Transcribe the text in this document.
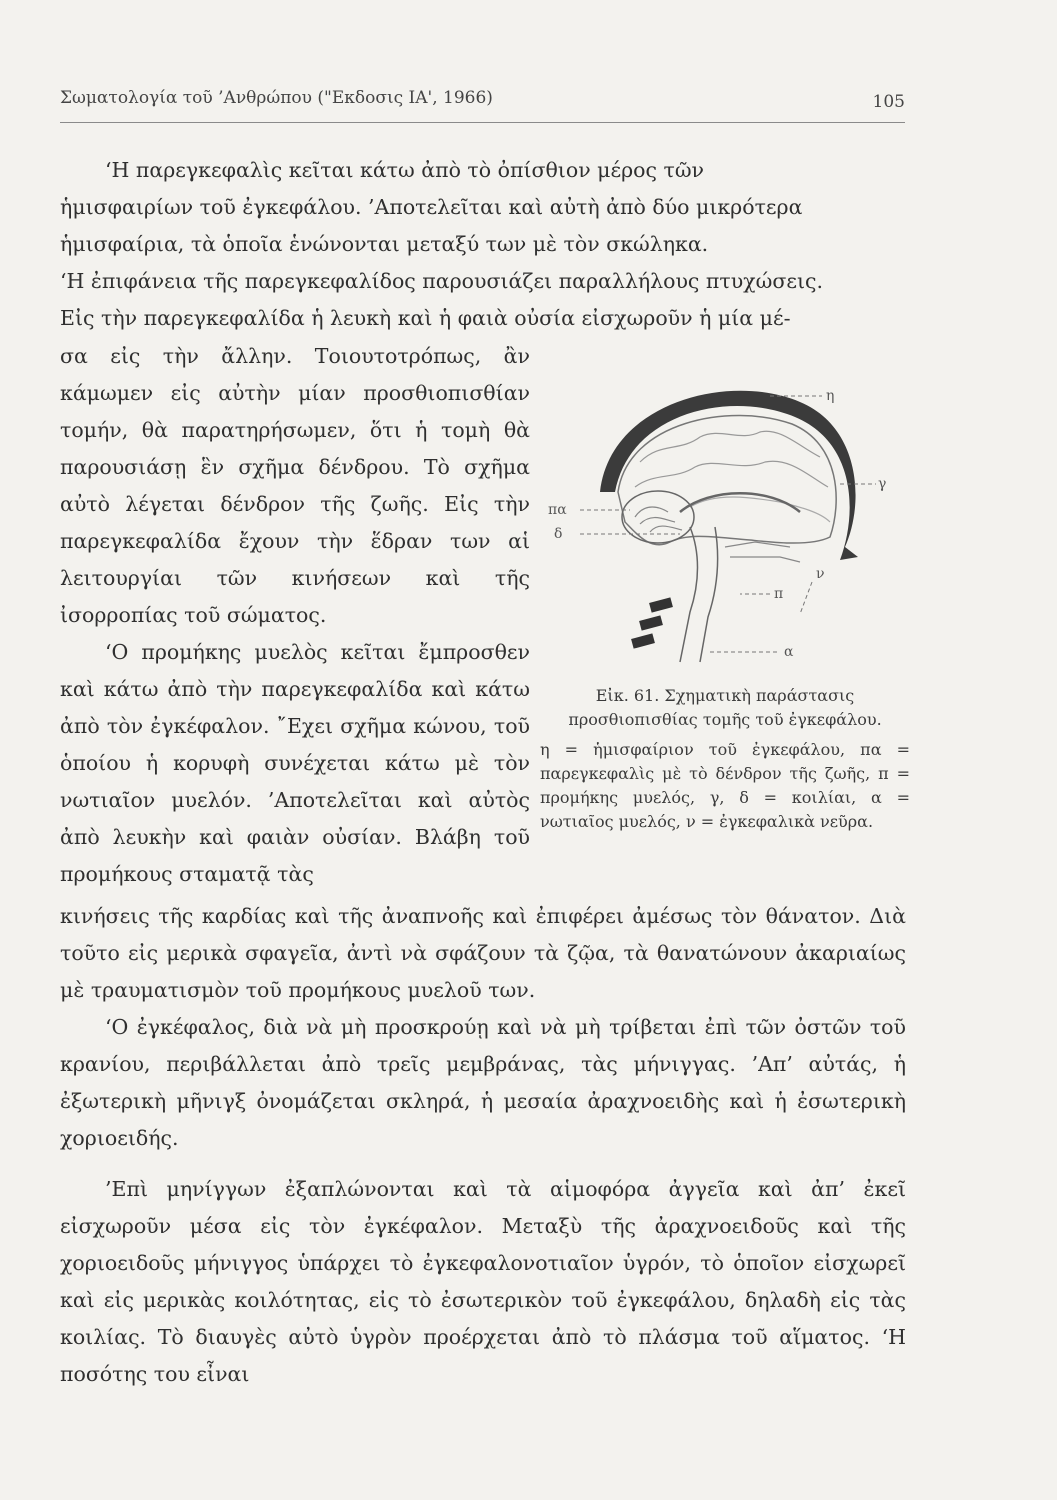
Σωματολογία τοῦ ’Ανθρώπου ("Εκδοσις ΙΑ', 1966)	105
‘Η παρεγκεφαλὶς κεῖται κάτω ἀπὸ τὸ ὀπίσθιον μέρος τῶν
ἡμισφαιρίων τοῦ ἐγκεφάλου. ’Αποτελεῖται καὶ αὐτὴ ἀπὸ δύο μικρότερα
ἡμισφαίρια, τὰ ὁποῖα ἑνώνονται μεταξύ των μὲ τὸν σκώληκα.
‘Η ἐπιφάνεια τῆς παρεγκεφαλίδος παρουσιάζει παραλλήλους πτυχώσεις.
Εἰς τὴν παρεγκεφαλίδα ἡ λευκὴ καὶ ἡ φαιὰ οὐσία εἰσχωροῦν ἡ μία μέ-

σα εἰς τὴν ἄλλην. Τοιουτοτρόπως, ἂν κάμωμεν εἰς αὐτὴν μίαν προσθιοπισθίαν τομήν, θὰ παρατηρήσωμεν, ὅτι ἡ τομὴ θὰ παρουσιάσῃ ἓν σχῆμα δένδρου. Τὸ σχῆμα αὐτὸ λέγεται δένδρον τῆς ζωῆς. Εἰς τὴν παρεγκεφαλίδα ἔχουν τὴν ἕδραν των αἱ λειτουργίαι τῶν κινήσεων καὶ τῆς ἰσορροπίας τοῦ σώματος.

‘Ο προμήκης μυελὸς κεῖται ἔμπροσθεν καὶ κάτω ἀπὸ τὴν παρεγκεφαλίδα καὶ κάτω ἀπὸ τὸν ἐγκέφαλον. ῎Εχει σχῆμα κώνου, τοῦ ὁποίου ἡ κορυφὴ συνέχεται κάτω μὲ τὸν νωτιαῖον μυελόν. ’Αποτελεῖται καὶ αὐτὸς ἀπὸ λευκὴν καὶ φαιὰν οὐσίαν. Βλάβη τοῦ προμήκους σταματᾷ τὰς

η
γ
πα
δ
π
ν
α

Εἰκ. 61. Σχηματικὴ παράστασις προσθιοπισθίας τομῆς τοῦ ἐγκεφάλου.

η = ἡμισφαίριον τοῦ ἐγκεφάλου, πα = παρεγκεφαλὶς μὲ τὸ δένδρον τῆς ζωῆς, π = προμήκης μυελός, γ, δ = κοιλίαι, α = νωτιαῖος μυελός, ν = ἐγκεφαλικὰ νεῦρα.

κινήσεις τῆς καρδίας καὶ τῆς ἀναπνοῆς καὶ ἐπιφέρει ἀμέσως τὸν θάνατον. Διὰ τοῦτο εἰς μερικὰ σφαγεῖα, ἀντὶ νὰ σφάζουν τὰ ζῷα, τὰ θανατώνουν ἀκαριαίως μὲ τραυματισμὸν τοῦ προμήκους μυελοῦ των.

‘Ο ἐγκέφαλος, διὰ νὰ μὴ προσκρούῃ καὶ νὰ μὴ τρίβεται ἐπὶ τῶν ὀστῶν τοῦ κρανίου, περιβάλλεται ἀπὸ τρεῖς μεμβράνας, τὰς μήνιγγας. ’Απ’ αὐτάς, ἡ ἐξωτερικὴ μῆνιγξ ὀνομάζεται σκληρά, ἡ μεσαία ἀραχνοειδὴς καὶ ἡ ἐσωτερικὴ χοριοειδής.

’Επὶ μηνίγγων ἐξαπλώνονται καὶ τὰ αἱμοφόρα ἀγγεῖα καὶ ἀπ’ ἐκεῖ εἰσχωροῦν μέσα εἰς τὸν ἐγκέφαλον. Μεταξὺ τῆς ἀραχνοειδοῦς καὶ τῆς χοριοειδοῦς μήνιγγος ὑπάρχει τὸ ἐγκεφαλονοτιαῖον ὑγρόν, τὸ ὁποῖον εἰσχωρεῖ καὶ εἰς μερικὰς κοιλότητας, εἰς τὸ ἐσωτερικὸν τοῦ ἐγκεφάλου, δηλαδὴ εἰς τὰς κοιλίας. Τὸ διαυγὲς αὐτὸ ὑγρὸν προέρχεται ἀπὸ τὸ πλάσμα τοῦ αἵματος. ‘Η ποσότης του εἶναι
